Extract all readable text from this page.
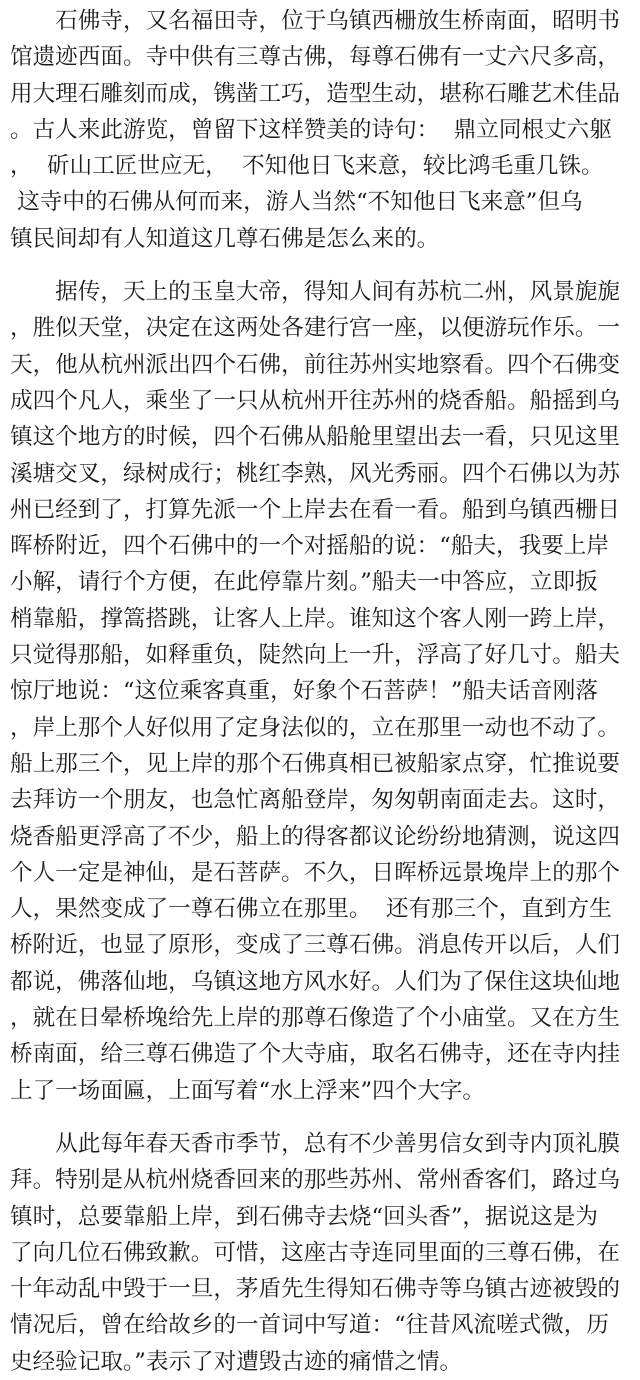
　　石佛寺，又名福田寺，位于乌镇西栅放生桥南面，昭明书
馆遗迹西面。寺中供有三尊古佛，每尊石佛有一丈六尺多高，
用大理石雕刻而成，镌凿工巧，造型生动，堪称石雕艺术佳品
。古人来此游览，曾留下这样赞美的诗句：  鼎立同根丈六躯
，  斫山工匠世应无，  不知他日飞来意，较比鸿毛重几铢。
这寺中的石佛从何而来，游人当然“不知他日飞来意”但乌
镇民间却有人知道这几尊石佛是怎么来的。
　　据传，天上的玉皇大帝，得知人间有苏杭二州，风景旎旎
，胜似天堂，决定在这两处各建行宫一座，以便游玩作乐。一
天，他从杭州派出四个石佛，前往苏州实地察看。四个石佛变
成四个凡人，乘坐了一只从杭州开往苏州的烧香船。船摇到乌
镇这个地方的时候，四个石佛从船舱里望出去一看，只见这里
溪塘交叉，绿树成行；桃红李熟，风光秀丽。四个石佛以为苏
州已经到了，打算先派一个上岸去在看一看。船到乌镇西栅日
晖桥附近，四个石佛中的一个对摇船的说：“船夫，我要上岸
小解，请行个方便，在此停靠片刻。”船夫一中答应，立即扳
梢靠船，撑篙搭跳，让客人上岸。谁知这个客人刚一跨上岸，
只觉得那船，如释重负，陡然向上一升，浮高了好几寸。船夫
惊厅地说：“这位乘客真重，好象个石菩萨！”船夫话音刚落
，岸上那个人好似用了定身法似的，立在那里一动也不动了。
船上那三个，见上岸的那个石佛真相已被船家点穿，忙推说要
去拜访一个朋友，也急忙离船登岸，匆匆朝南面走去。这时，
烧香船更浮高了不少，船上的得客都议论纷纷地猜测，说这四
个人一定是神仙，是石菩萨。不久，日晖桥远景堍岸上的那个
人，果然变成了一尊石佛立在那里。  还有那三个，直到方生
桥附近，也显了原形，变成了三尊石佛。消息传开以后，人们
都说，佛落仙地，乌镇这地方风水好。人们为了保住这块仙地
，就在日晕桥堍给先上岸的那尊石像造了个小庙堂。又在方生
桥南面，给三尊石佛造了个大寺庙，取名石佛寺，还在寺内挂
上了一场面匾，上面写着“水上浮来”四个大字。
　　从此每年春天香市季节，总有不少善男信女到寺内顶礼膜
拜。特别是从杭州烧香回来的那些苏州、常州香客们，路过乌
镇时，总要靠船上岸，到石佛寺去烧“回头香”，据说这是为
了向几位石佛致歉。可惜，这座古寺连同里面的三尊石佛，在
十年动乱中毁于一旦，茅盾先生得知石佛寺等乌镇古迹被毁的
情况后，曾在给故乡的一首词中写道：“往昔风流嗟式微，历
史经验记取。”表示了对遭毁古迹的痛惜之情。
